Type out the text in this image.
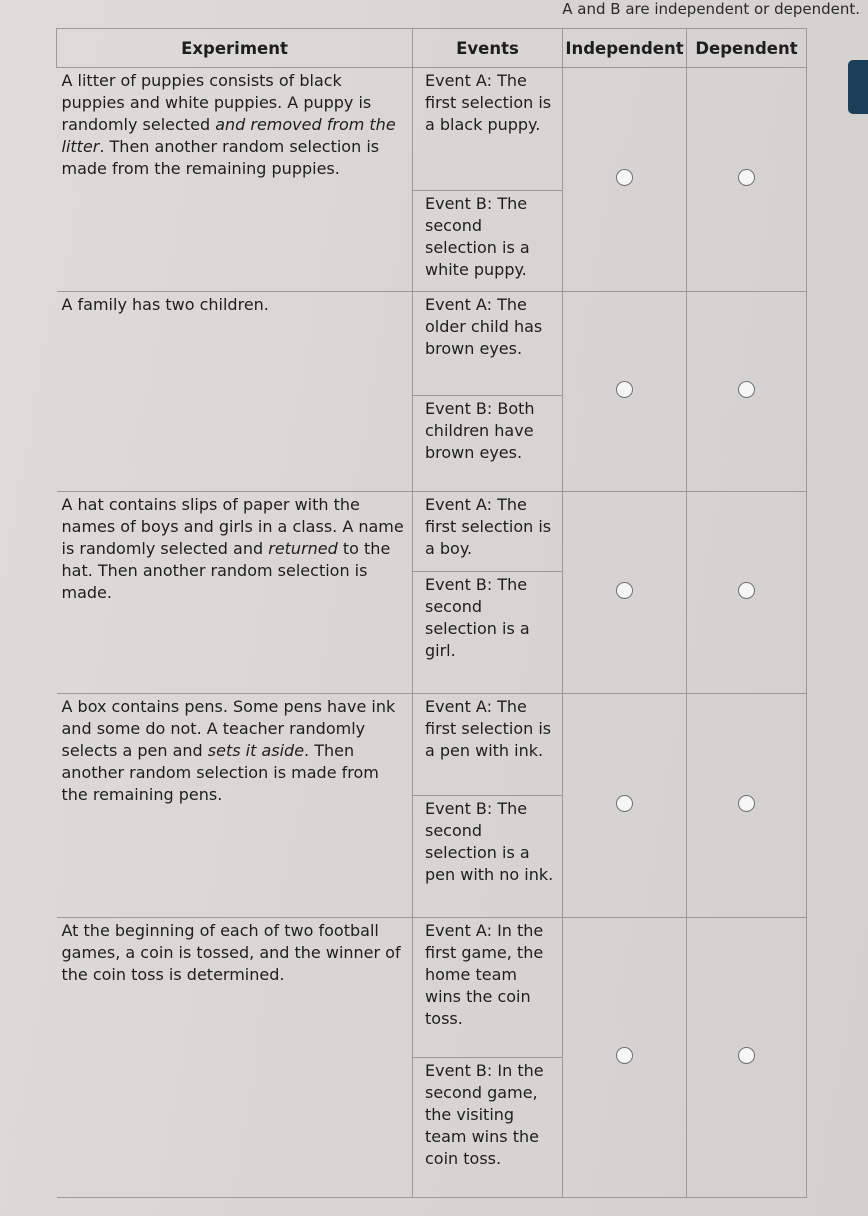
A and B are independent or dependent.
Experiment	Events	Independent	Dependent
A litter of puppies consists of black puppies and white puppies. A puppy is randomly selected and removed from the litter. Then another random selection is made from the remaining puppies.	Event A: The first selection is a black puppy.		
	Event B: The second selection is a white puppy.		
A family has two children.	Event A: The older child has brown eyes.		
	Event B: Both children have brown eyes.		
A hat contains slips of paper with the names of boys and girls in a class. A name is randomly selected and returned to the hat. Then another random selection is made.	Event A: The first selection is a boy.		
	Event B: The second selection is a girl.		
A box contains pens. Some pens have ink and some do not. A teacher randomly selects a pen and sets it aside. Then another random selection is made from the remaining pens.	Event A: The first selection is a pen with ink.		
	Event B: The second selection is a pen with no ink.		
At the beginning of each of two football games, a coin is tossed, and the winner of the coin toss is determined.	Event A: In the first game, the home team wins the coin toss.		
	Event B: In the second game, the visiting team wins the coin toss.		
